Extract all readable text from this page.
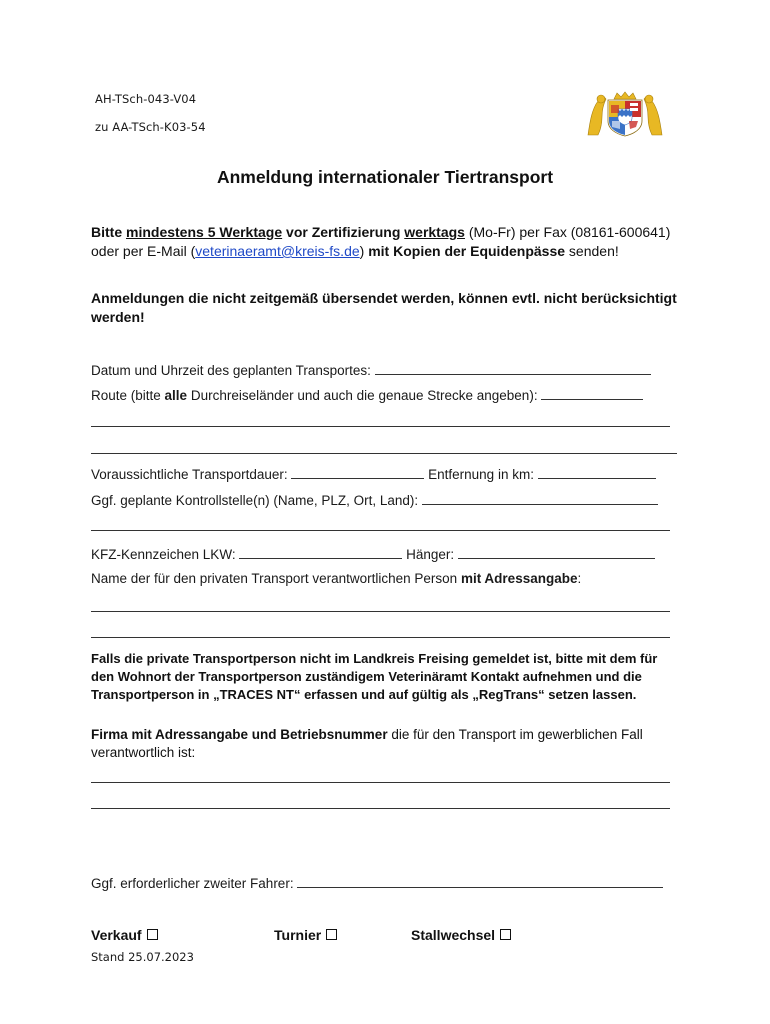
AH-TSch-043-V04
zu AA-TSch-K03-54
Anmeldung internationaler Tiertransport
Bitte mindestens 5 Werktage vor Zertifizierung werktags (Mo-Fr) per Fax (08161-600641) oder per E-Mail (veterinaeramt@kreis-fs.de) mit Kopien der Equidenpässe senden!
Anmeldungen die nicht zeitgemäß übersendet werden, können evtl. nicht berücksichtigt werden!
Datum und Uhrzeit des geplanten Transportes:
Route (bitte alle Durchreiseländer und auch die genaue Strecke angeben):
Voraussichtliche Transportdauer:	Entfernung in km:
Ggf. geplante Kontrollstelle(n) (Name, PLZ, Ort, Land):
KFZ-Kennzeichen LKW:	Hänger:
Name der für den privaten Transport verantwortlichen Person mit Adressangabe:
Falls die private Transportperson nicht im Landkreis Freising gemeldet ist, bitte mit dem für den Wohnort der Transportperson zuständigem Veterinäramt Kontakt aufnehmen und die Transportperson in „TRACES NT“ erfassen und auf gültig als „RegTrans“ setzen lassen.
Firma mit Adressangabe und Betriebsnummer die für den Transport im gewerblichen Fall verantwortlich ist:
Ggf. erforderlicher zweiter Fahrer:
Verkauf	Turnier	Stallwechsel
Stand 25.07.2023
